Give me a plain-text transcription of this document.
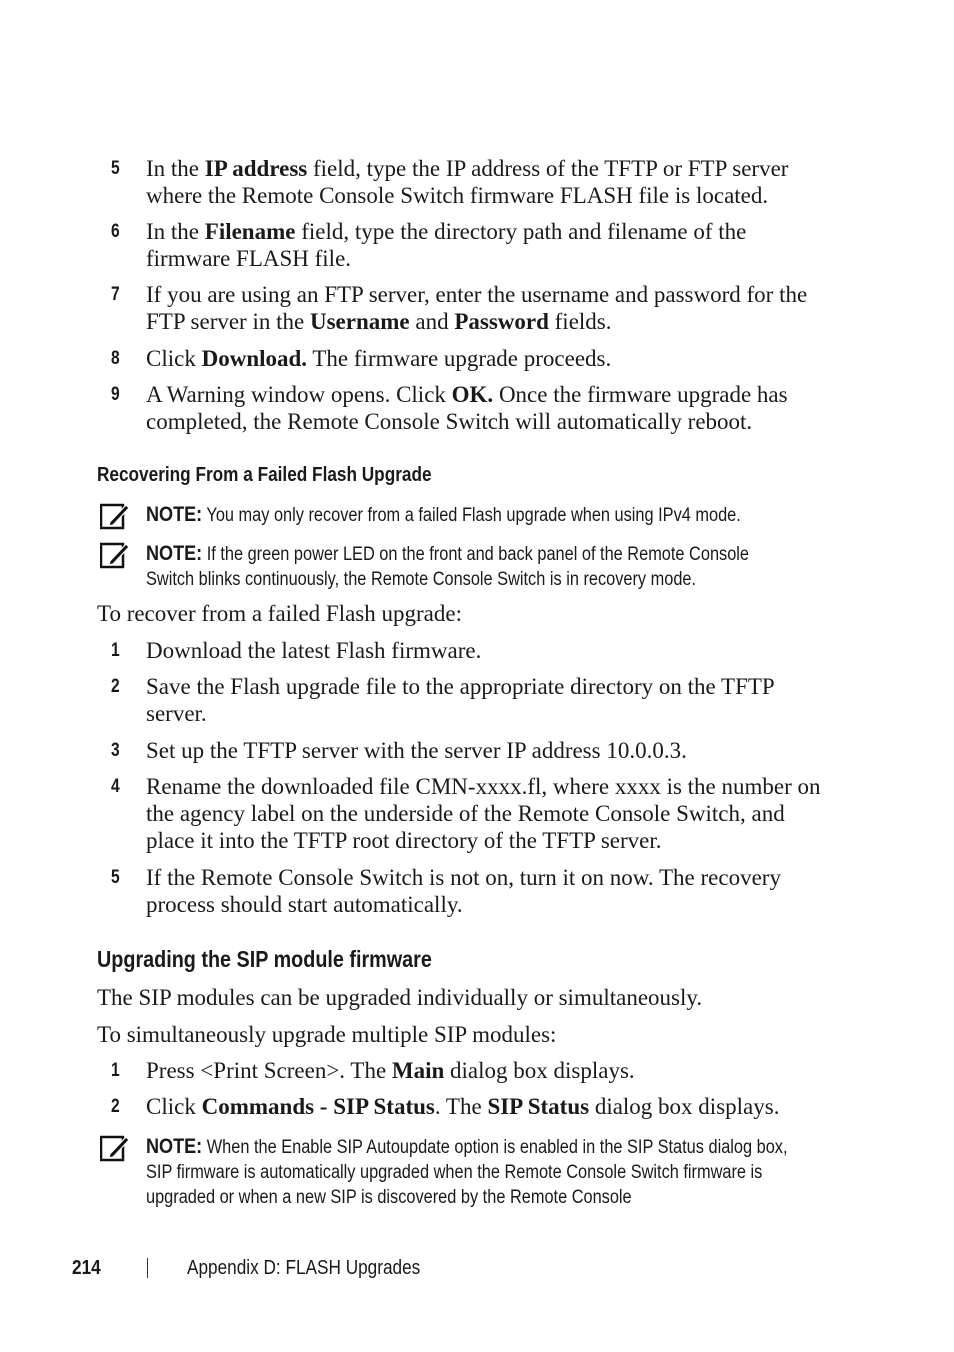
5 In the IP address field, type the IP address of the TFTP or FTP server where the Remote Console Switch firmware FLASH file is located.
6 In the Filename field, type the directory path and filename of the firmware FLASH file.
7 If you are using an FTP server, enter the username and password for the FTP server in the Username and Password fields.
8 Click Download. The firmware upgrade proceeds.
9 A Warning window opens. Click OK. Once the firmware upgrade has completed, the Remote Console Switch will automatically reboot.
Recovering From a Failed Flash Upgrade
NOTE: You may only recover from a failed Flash upgrade when using IPv4 mode.
NOTE: If the green power LED on the front and back panel of the Remote Console Switch blinks continuously, the Remote Console Switch is in recovery mode.
To recover from a failed Flash upgrade:
1 Download the latest Flash firmware.
2 Save the Flash upgrade file to the appropriate directory on the TFTP server.
3 Set up the TFTP server with the server IP address 10.0.0.3.
4 Rename the downloaded file CMN-xxxx.fl, where xxxx is the number on the agency label on the underside of the Remote Console Switch, and place it into the TFTP root directory of the TFTP server.
5 If the Remote Console Switch is not on, turn it on now. The recovery process should start automatically.
Upgrading the SIP module firmware
The SIP modules can be upgraded individually or simultaneously.
To simultaneously upgrade multiple SIP modules:
1 Press <Print Screen>. The Main dialog box displays.
2 Click Commands - SIP Status. The SIP Status dialog box displays.
NOTE: When the Enable SIP Autoupdate option is enabled in the SIP Status dialog box, SIP firmware is automatically upgraded when the Remote Console Switch firmware is upgraded or when a new SIP is discovered by the Remote Console
214	Appendix D: FLASH Upgrades
